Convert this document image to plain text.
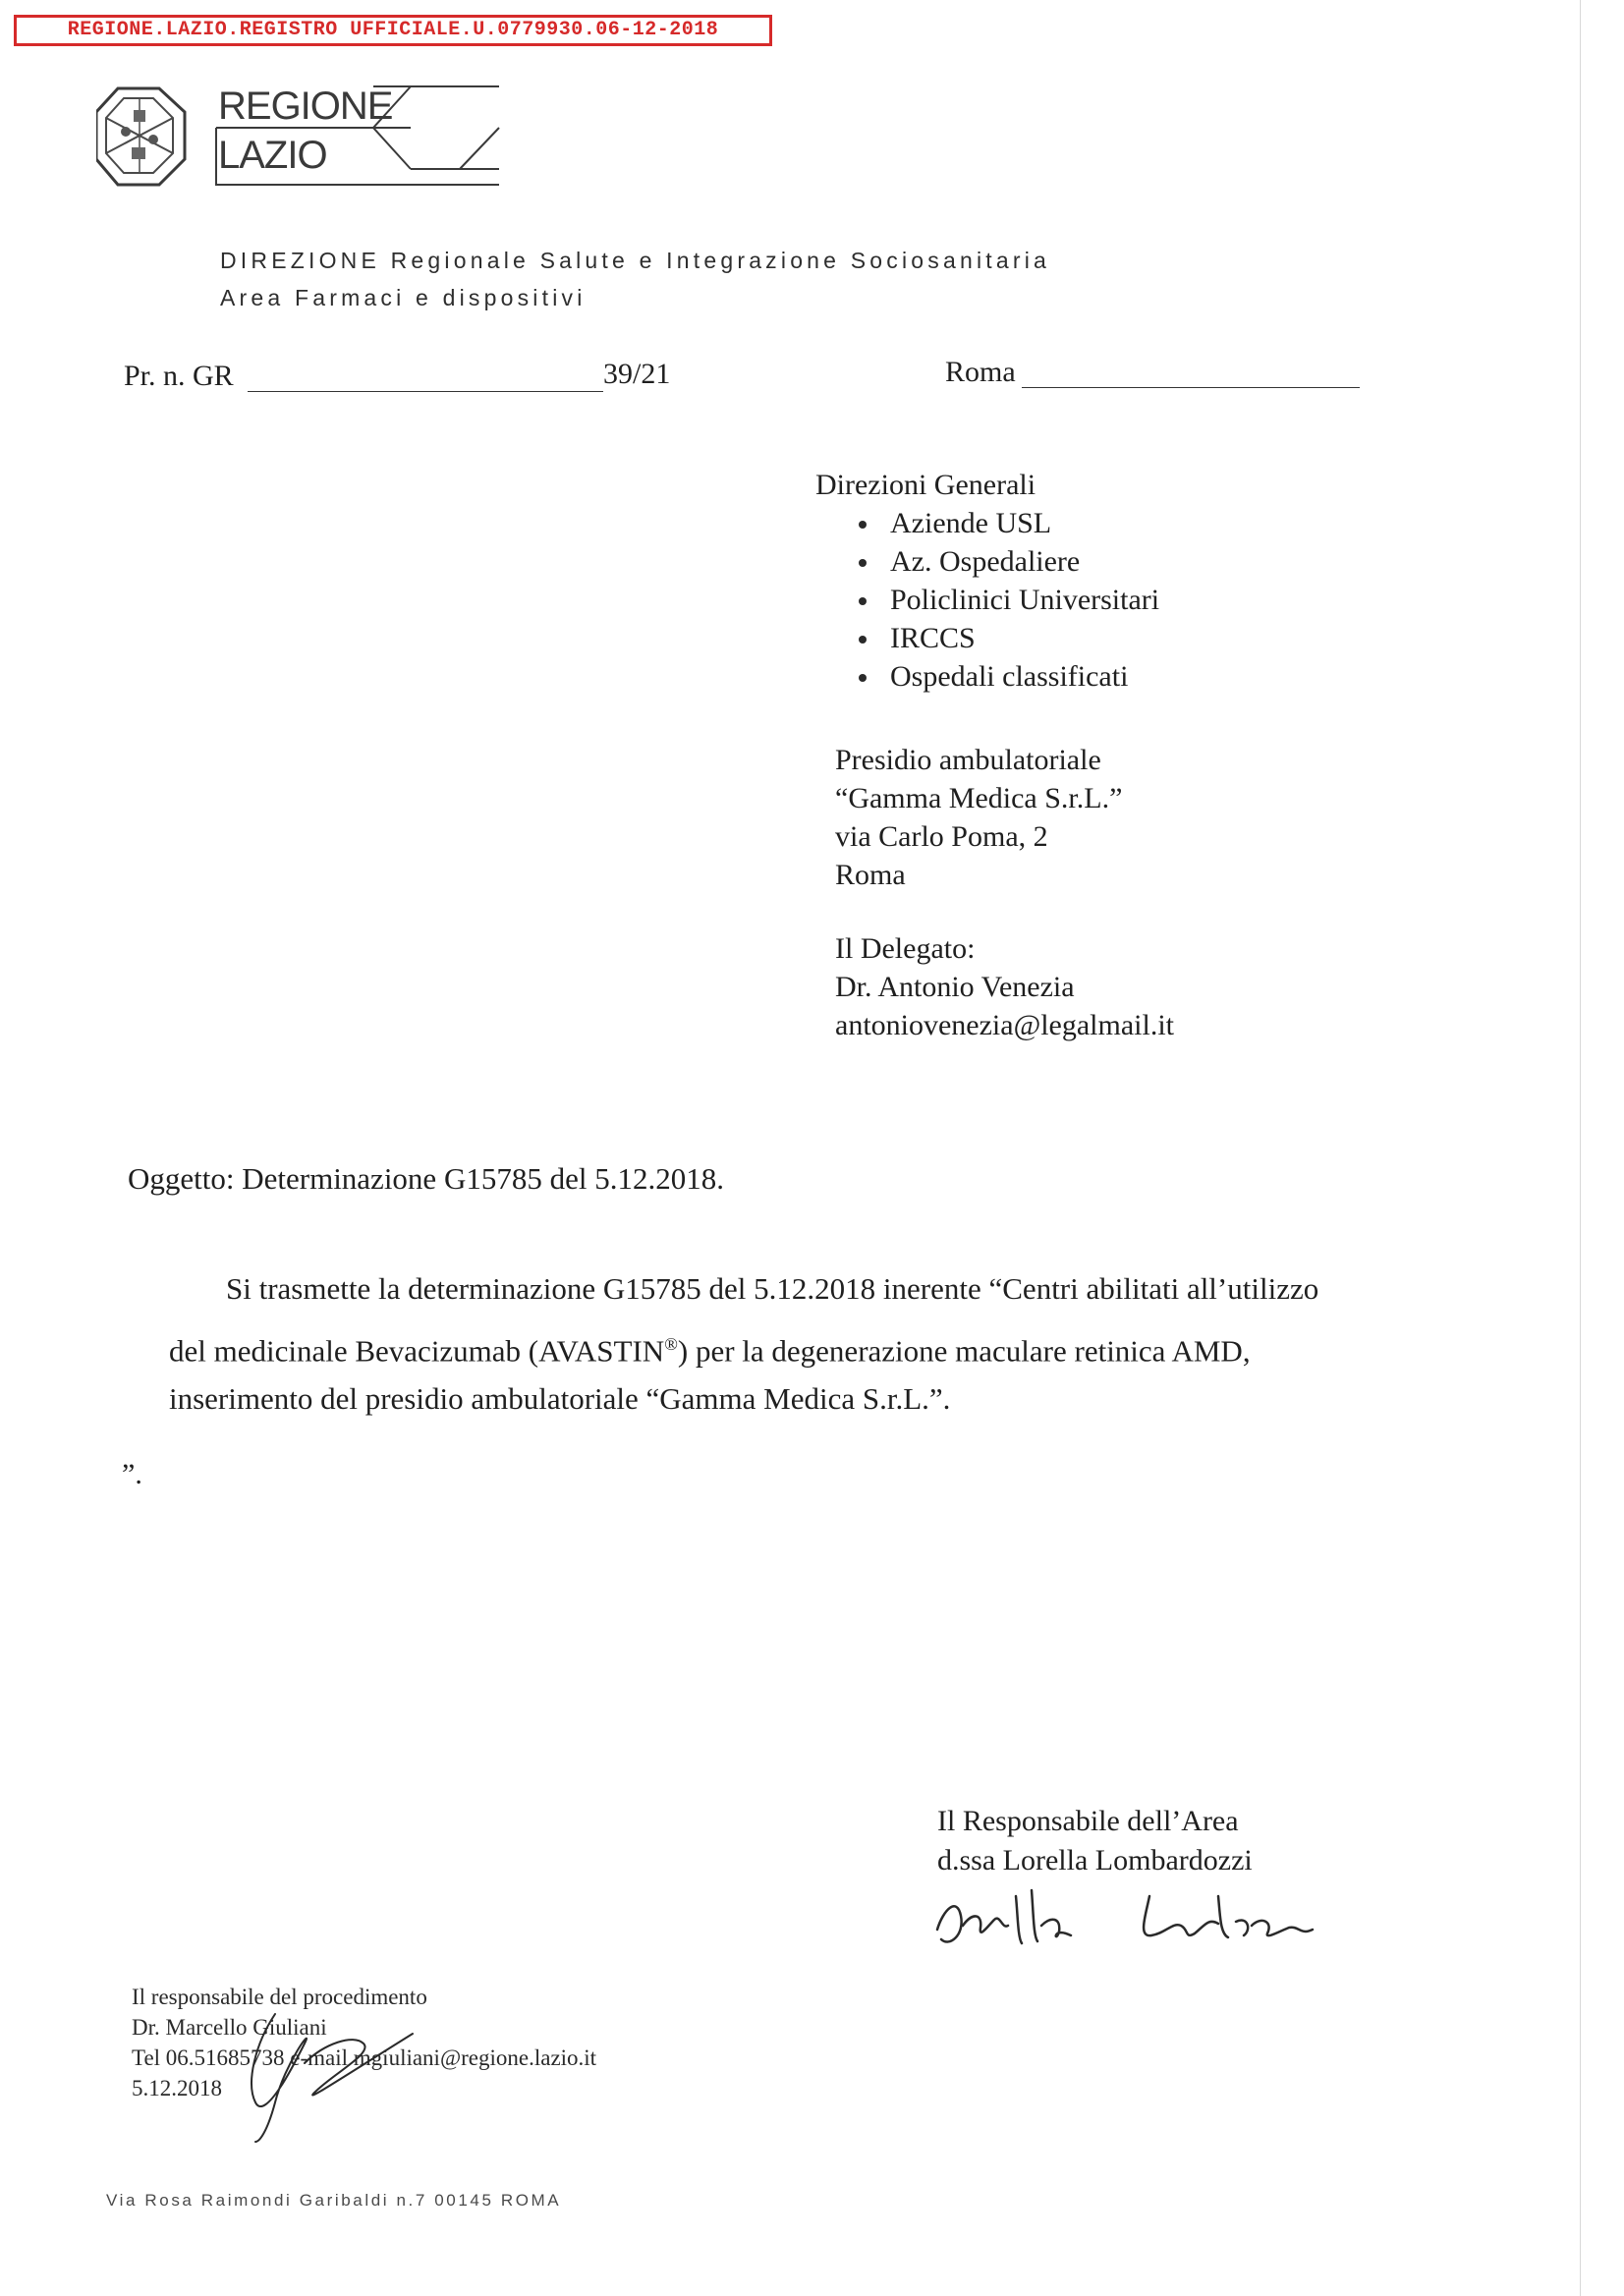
REGIONE.LAZIO.REGISTRO UFFICIALE.U.0779930.06-12-2018
REGIONE
LAZIO
DIREZIONE Regionale Salute e Integrazione Sociosanitaria
Area Farmaci e dispositivi
Pr. n. GR	39/21	Roma
Direzioni Generali
Aziende USL
Az. Ospedaliere
Policlinici Universitari
IRCCS
Ospedali classificati
Presidio ambulatoriale
“Gamma Medica S.r.L.”
via Carlo Poma, 2
Roma
Il Delegato:
Dr. Antonio Venezia
antoniovenezia@legalmail.it
Oggetto: Determinazione G15785 del 5.12.2018.
Si trasmette la determinazione G15785 del 5.12.2018 inerente “Centri abilitati all’utilizzo
del medicinale Bevacizumab (AVASTIN®) per la degenerazione maculare retinica AMD,
inserimento del presidio ambulatoriale “Gamma Medica S.r.L.”.
”.
Il Responsabile dell’Area
d.ssa Lorella Lombardozzi
Il responsabile del procedimento
Dr. Marcello Giuliani
Tel 06.51685738 e-mail mgiuliani@regione.lazio.it
5.12.2018
Via Rosa Raimondi Garibaldi n.7 00145 ROMA
